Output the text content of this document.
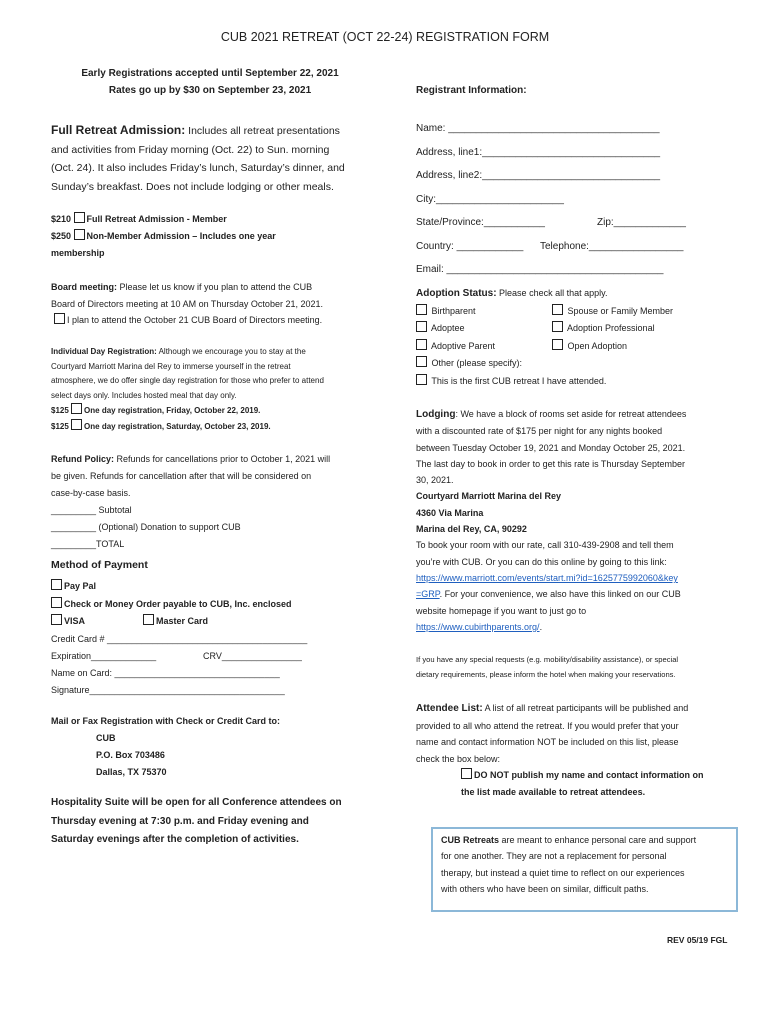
CUB 2021 RETREAT (OCT 22-24) REGISTRATION FORM
Early Registrations accepted until September 22, 2021
Rates go up by $30 on September 23, 2021
Full Retreat Admission: Includes all retreat presentations
and activities from Friday morning (Oct. 22) to Sun. morning
(Oct. 24). It also includes Friday’s lunch, Saturday’s dinner, and
Sunday’s breakfast. Does not include lodging or other meals.
$210 Full Retreat Admission - Member
$250 Non-Member Admission – Includes one year
membership
Board meeting: Please let us know if you plan to attend the CUB
Board of Directors meeting at 10 AM on Thursday October 21, 2021.
I plan to attend the October 21 CUB Board of Directors meeting.
Individual Day Registration: Although we encourage you to stay at the
Courtyard Marriott Marina del Rey to immerse yourself in the retreat
atmosphere, we do offer single day registration for those who prefer to attend
select days only. Includes hosted meal that day only.
$125 One day registration, Friday, October 22, 2019.
$125 One day registration, Saturday, October 23, 2019.
Refund Policy: Refunds for cancellations prior to October 1, 2021 will
be given. Refunds for cancellation after that will be considered on
case-by-case basis.
_________ Subtotal
_________ (Optional) Donation to support CUB
_________TOTAL
Method of Payment
Pay Pal
Check or Money Order payable to CUB, Inc. enclosed
VISA	Master Card
Credit Card # ________________________________________
Expiration_____________	CRV________________
Name on Card: _________________________________
Signature_______________________________________
Mail or Fax Registration with Check or Credit Card to:
CUB
P.O. Box 703486
Dallas, TX 75370
Hospitality Suite will be open for all Conference attendees on
Thursday evening at 7:30 p.m. and Friday evening and
Saturday evenings after the completion of activities.
Registrant Information:
Name: ______________________________________
Address, line1:________________________________
Address, line2:________________________________
City:_______________________
State/Province:___________	Zip:_____________
Country: ____________	Telephone:_________________
Email: _______________________________________
Adoption Status: Please check all that apply.
Birthparent	Spouse or Family Member
Adoptee	Adoption Professional
Adoptive Parent	Open Adoption
Other (please specify):
This is the first CUB retreat I have attended.
Lodging: We have a block of rooms set aside for retreat attendees
with a discounted rate of $175 per night for any nights booked
between Tuesday October 19, 2021 and Monday October 25, 2021.
The last day to book in order to get this rate is Thursday September
30, 2021.
Courtyard Marriott Marina del Rey
4360 Via Marina
Marina del Rey, CA, 90292
To book your room with our rate, call 310-439-2908 and tell them
you’re with CUB. Or you can do this online by going to this link:
https://www.marriott.com/events/start.mi?id=1625775992060&key
=GRP. For your convenience, we also have this linked on our CUB
website homepage if you want to just go to
https://www.cubirthparents.org/.
If you have any special requests (e.g. mobility/disability assistance), or special
dietary requirements, please inform the hotel when making your reservations.
Attendee List: A list of all retreat participants will be published and
provided to all who attend the retreat. If you would prefer that your
name and contact information NOT be included on this list, please
check the box below:
DO NOT publish my name and contact information on
the list made available to retreat attendees.
CUB Retreats are meant to enhance personal care and support
for one another. They are not a replacement for personal
therapy, but instead a quiet time to reflect on our experiences
with others who have been on similar, difficult paths.
REV 05/19 FGL
